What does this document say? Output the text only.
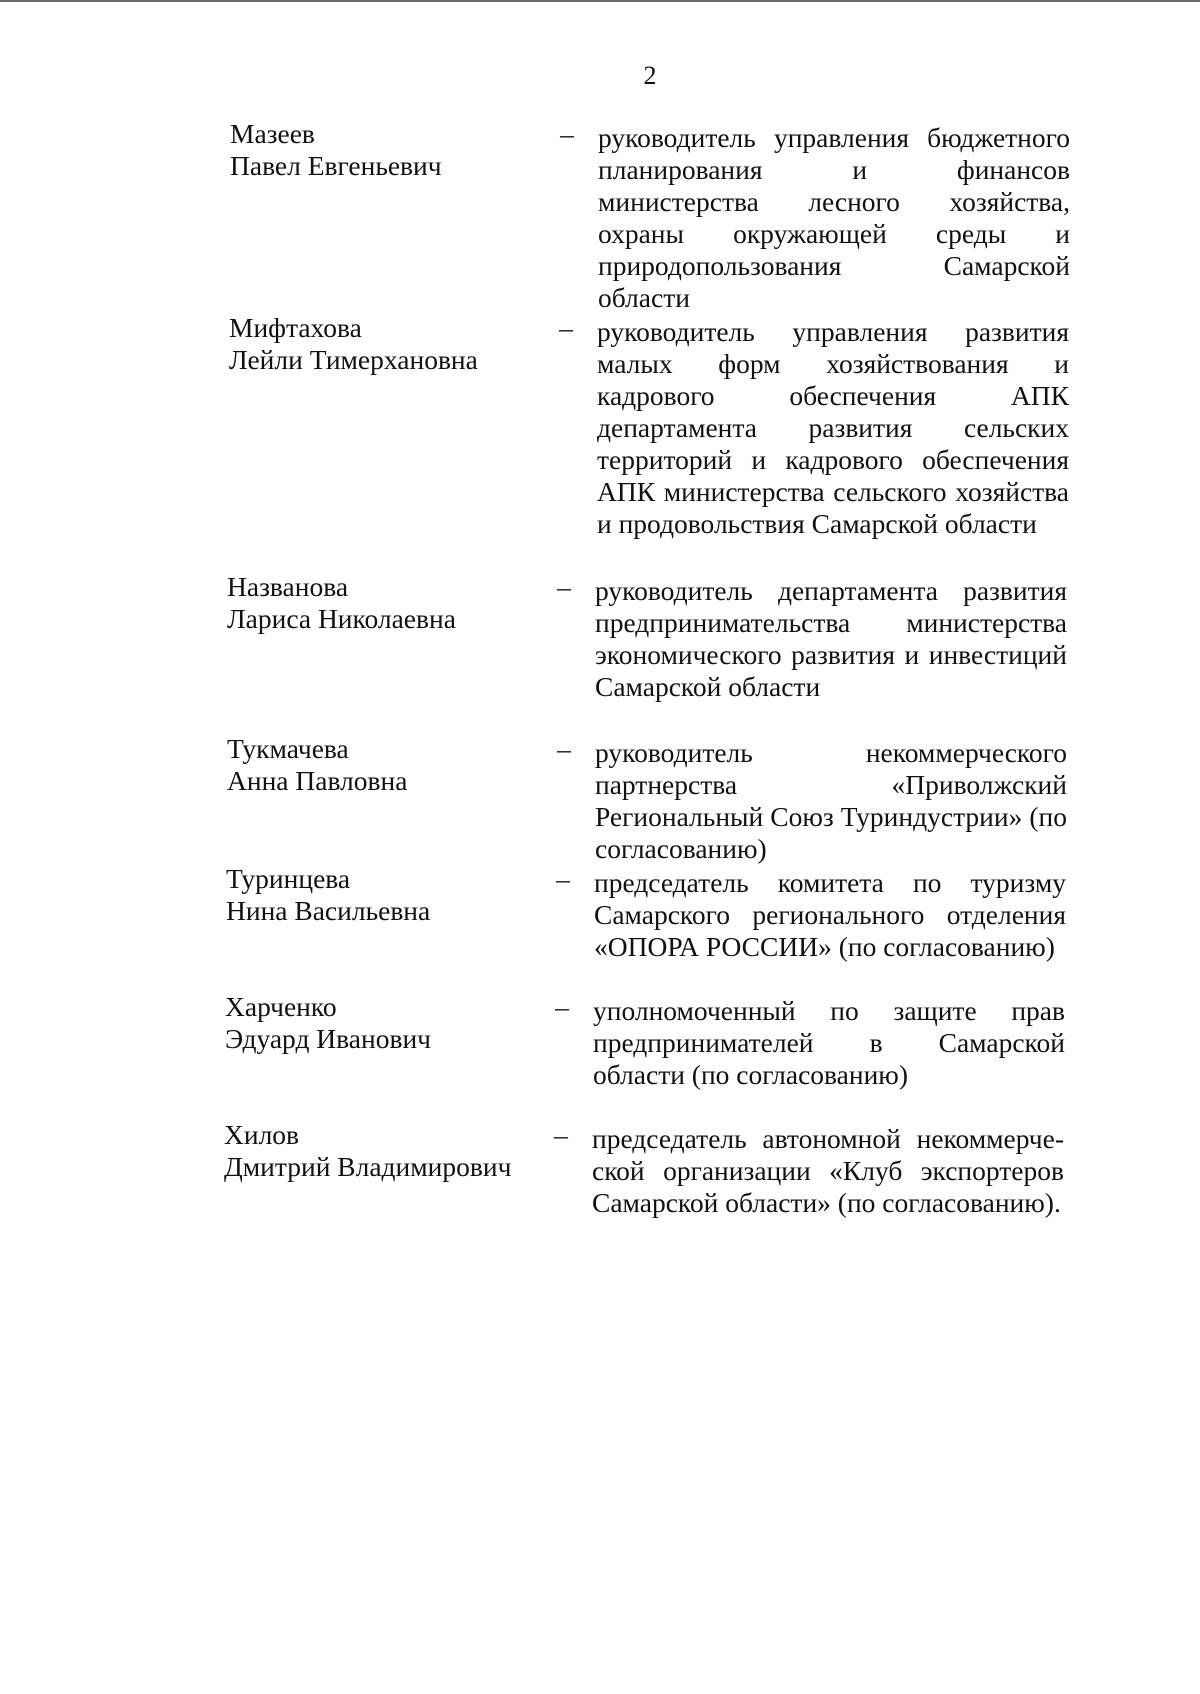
2
Мазеев
Павел Евгеньевич
– руководитель управления бюджетного планирования и финансов министерства лесного хозяйства, охраны окружающей среды и природопользования Самарской области
Мифтахова
Лейли Тимерхановна
– руководитель управления развития малых форм хозяйствования и кадрового обеспечения АПК департамента развития сельских территорий и кадрового обеспечения АПК министерства сельского хозяйства и продовольствия Самарской области
Названова
Лариса Николаевна
– руководитель департамента развития предпринимательства министерства экономического развития и инвестиций Самарской области
Тукмачева
Анна Павловна
– руководитель некоммерческого партнерства «Приволжский Региональный Союз Туриндустрии» (по согласованию)
Туринцева
Нина Васильевна
– председатель комитета по туризму Самарского регионального отделения «ОПОРА РОССИИ» (по согласованию)
Харченко
Эдуард Иванович
– уполномоченный по защите прав предпринимателей в Самарской области (по согласованию)
Хилов
Дмитрий Владимирович
– председатель автономной некоммерческой организации «Клуб экспортеров Самарской области» (по согласованию).
